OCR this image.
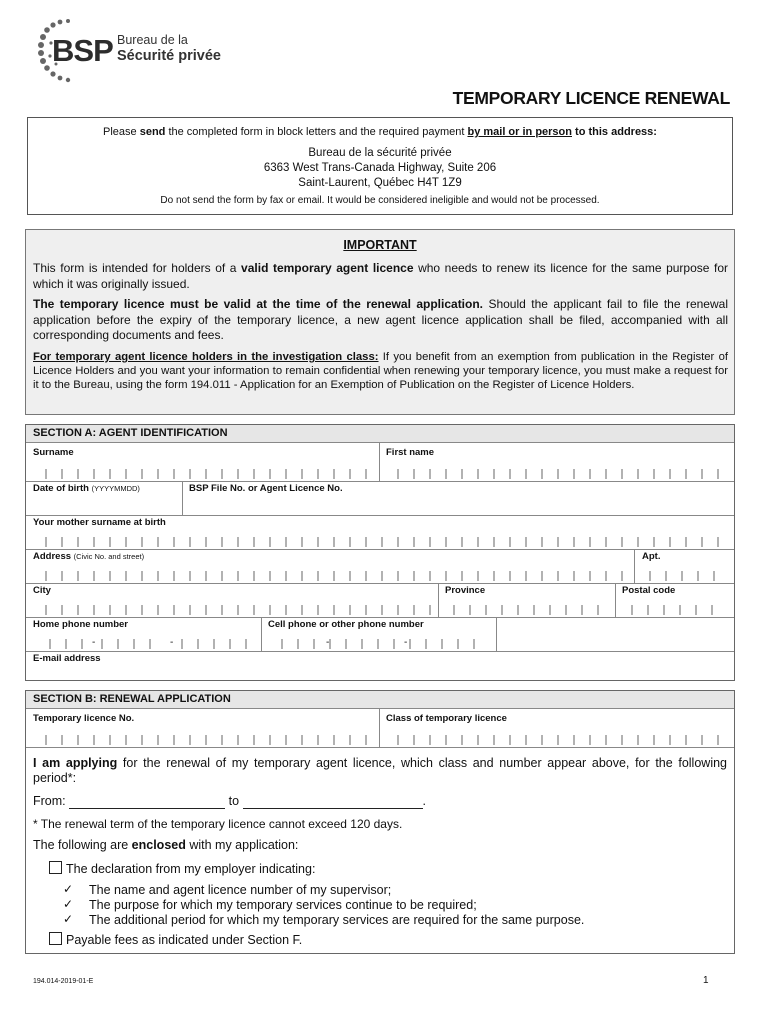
BSP Bureau de la
Sécurité privée
TEMPORARY LICENCE RENEWAL
Please send the completed form in block letters and the required payment by mail or in person to this address:
Bureau de la sécurité privée
6363 West Trans-Canada Highway, Suite 206
Saint-Laurent, Québec H4T 1Z9
Do not send the form by fax or email. It would be considered ineligible and would not be processed.
IMPORTANT

This form is intended for holders of a valid temporary agent licence who needs to renew its licence for the same purpose for which it was originally issued.

The temporary licence must be valid at the time of the renewal application. Should the applicant fail to file the renewal application before the expiry of the temporary licence, a new agent licence application shall be filed, accompanied with all corresponding documents and fees.

For temporary agent licence holders in the investigation class: If you benefit from an exemption from publication in the Register of Licence Holders and you want your information to remain confidential when renewing your temporary licence, you must make a request for it to the Bureau, using the form 194.011 - Application for an Exemption of Publication on the Register of Licence Holders.

SECTION A: AGENT IDENTIFICATION
Surname	First name
Date of birth (YYYYMMDD)	BSP File No. or Agent Licence No.
Your mother surname at birth
Address (Civic No. and street)	Apt.
City	Province	Postal code
Home phone number	Cell phone or other phone number
-	-	-	-
E-mail address
SECTION B: RENEWAL APPLICATION
Temporary licence No.	Class of temporary licence

I am applying for the renewal of my temporary agent licence, which class and number appear above, for the following period*:

From:	to	.

* The renewal term of the temporary licence cannot exceed 120 days.

The following are enclosed with my application:

The declaration from my employer indicating:

✓ The name and agent licence number of my supervisor;

✓ The purpose for which my temporary services continue to be required;

✓ The additional period for which my temporary services are required for the same purpose.

Payable fees as indicated under Section F.

194.014-2019-01-E	1
